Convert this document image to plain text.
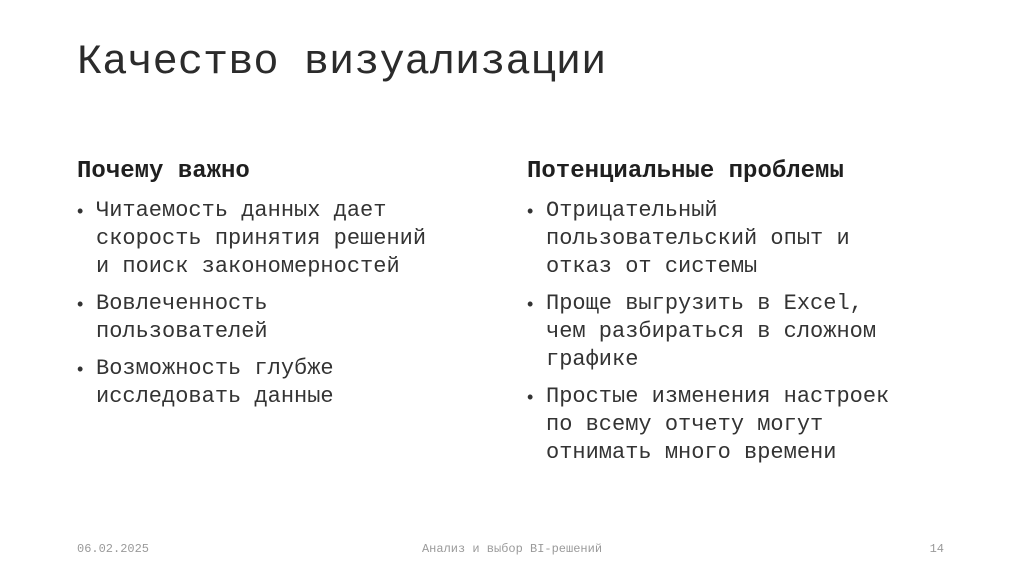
Качество визуализации
Почему важно
• Читаемость данных дает
скорость принятия решений
и поиск закономерностей
• Вовлеченность
пользователей
• Возможность глубже
исследовать данные
Потенциальные проблемы
• Отрицательный
пользовательский опыт и
отказ от системы
• Проще выгрузить в Excel,
чем разбираться в сложном
графике
• Простые изменения настроек
по всему отчету могут
отнимать много времени
06.02.2025	Анализ и выбор BI-решений	14
